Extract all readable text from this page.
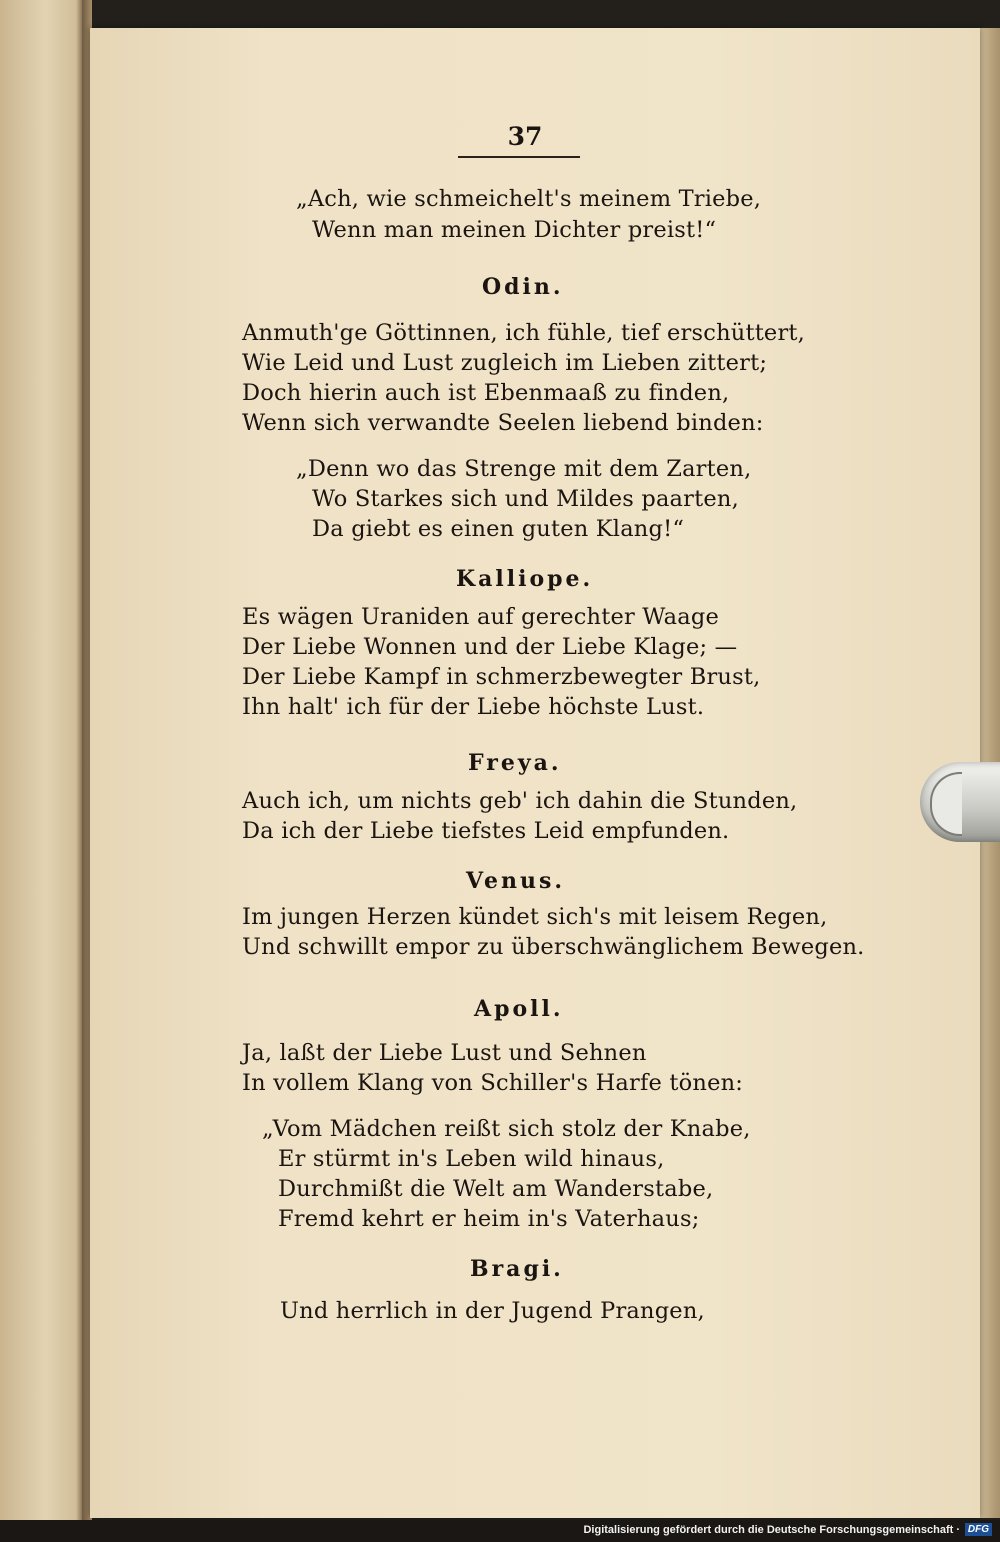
37
„Ach, wie schmeichelt's meinem Triebe,
Wenn man meinen Dichter preist!“
Odin.
Anmuth'ge Göttinnen, ich fühle, tief erschüttert,
Wie Leid und Lust zugleich im Lieben zittert;
Doch hierin auch ist Ebenmaaß zu finden,
Wenn sich verwandte Seelen liebend binden:
„Denn wo das Strenge mit dem Zarten,
Wo Starkes sich und Mildes paarten,
Da giebt es einen guten Klang!“
Kalliope.
Es wägen Uraniden auf gerechter Waage
Der Liebe Wonnen und der Liebe Klage; —
Der Liebe Kampf in schmerzbewegter Brust,
Ihn halt' ich für der Liebe höchste Lust.
Freya.
Auch ich, um nichts geb' ich dahin die Stunden,
Da ich der Liebe tiefstes Leid empfunden.
Venus.
Im jungen Herzen kündet sich's mit leisem Regen,
Und schwillt empor zu überschwänglichem Bewegen.
Apoll.
Ja, laßt der Liebe Lust und Sehnen
In vollem Klang von Schiller's Harfe tönen:
„Vom Mädchen reißt sich stolz der Knabe,
Er stürmt in's Leben wild hinaus,
Durchmißt die Welt am Wanderstabe,
Fremd kehrt er heim in's Vaterhaus;
Bragi.
Und herrlich in der Jugend Prangen,
Digitalisierung gefördert durch die Deutsche Forschungsgemeinschaft · DFG
